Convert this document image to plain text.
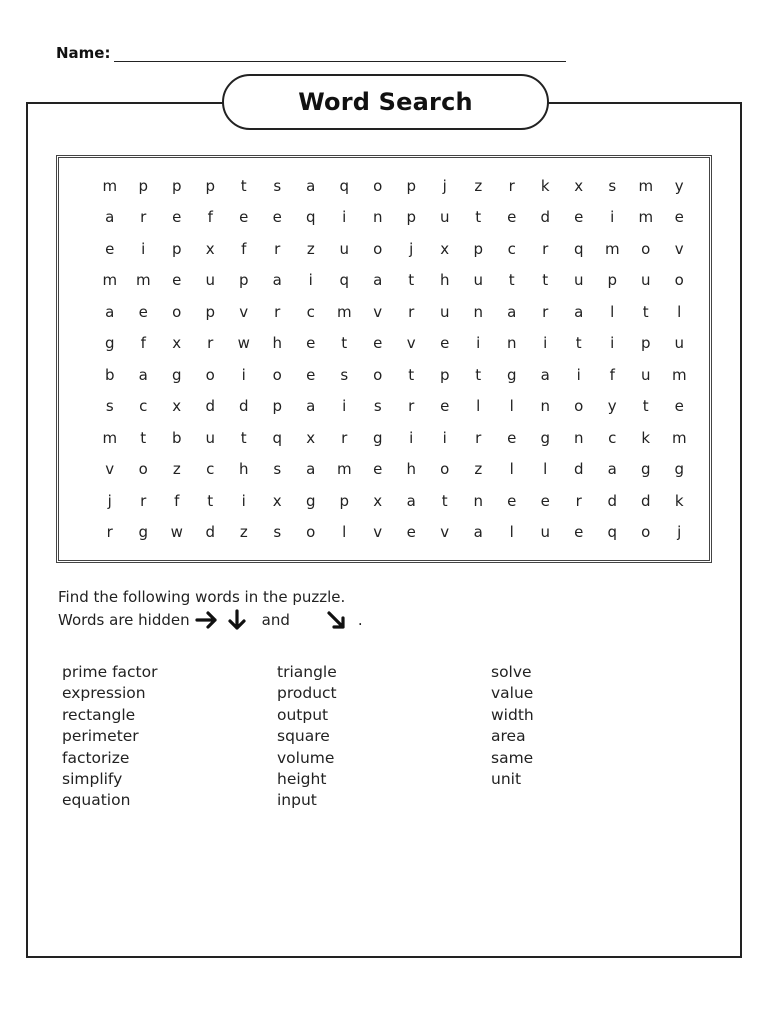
Name:
Word Search
m	p	p	p	t	s	a	q	o	p	j	z	r	k	x	s	m	y
a	r	e	f	e	e	q	i	n	p	u	t	e	d	e	i	m	e
e	i	p	x	f	r	z	u	o	j	x	p	c	r	q	m	o	v
m	m	e	u	p	a	i	q	a	t	h	u	t	t	u	p	u	o
a	e	o	p	v	r	c	m	v	r	u	n	a	r	a	l	t	l
g	f	x	r	w	h	e	t	e	v	e	i	n	i	t	i	p	u
b	a	g	o	i	o	e	s	o	t	p	t	g	a	i	f	u	m
s	c	x	d	d	p	a	i	s	r	e	l	l	n	o	y	t	e
m	t	b	u	t	q	x	r	g	i	i	r	e	g	n	c	k	m
v	o	z	c	h	s	a	m	e	h	o	z	l	l	d	a	g	g
j	r	f	t	i	x	g	p	x	a	t	n	e	e	r	d	d	k
r	g	w	d	z	s	o	l	v	e	v	a	l	u	e	q	o	j
Find the following words in the puzzle.
Words are hidden	and	.
prime factor
expression
rectangle
perimeter
factorize
simplify
equation
triangle
product
output
square
volume
height
input
solve
value
width
area
same
unit
